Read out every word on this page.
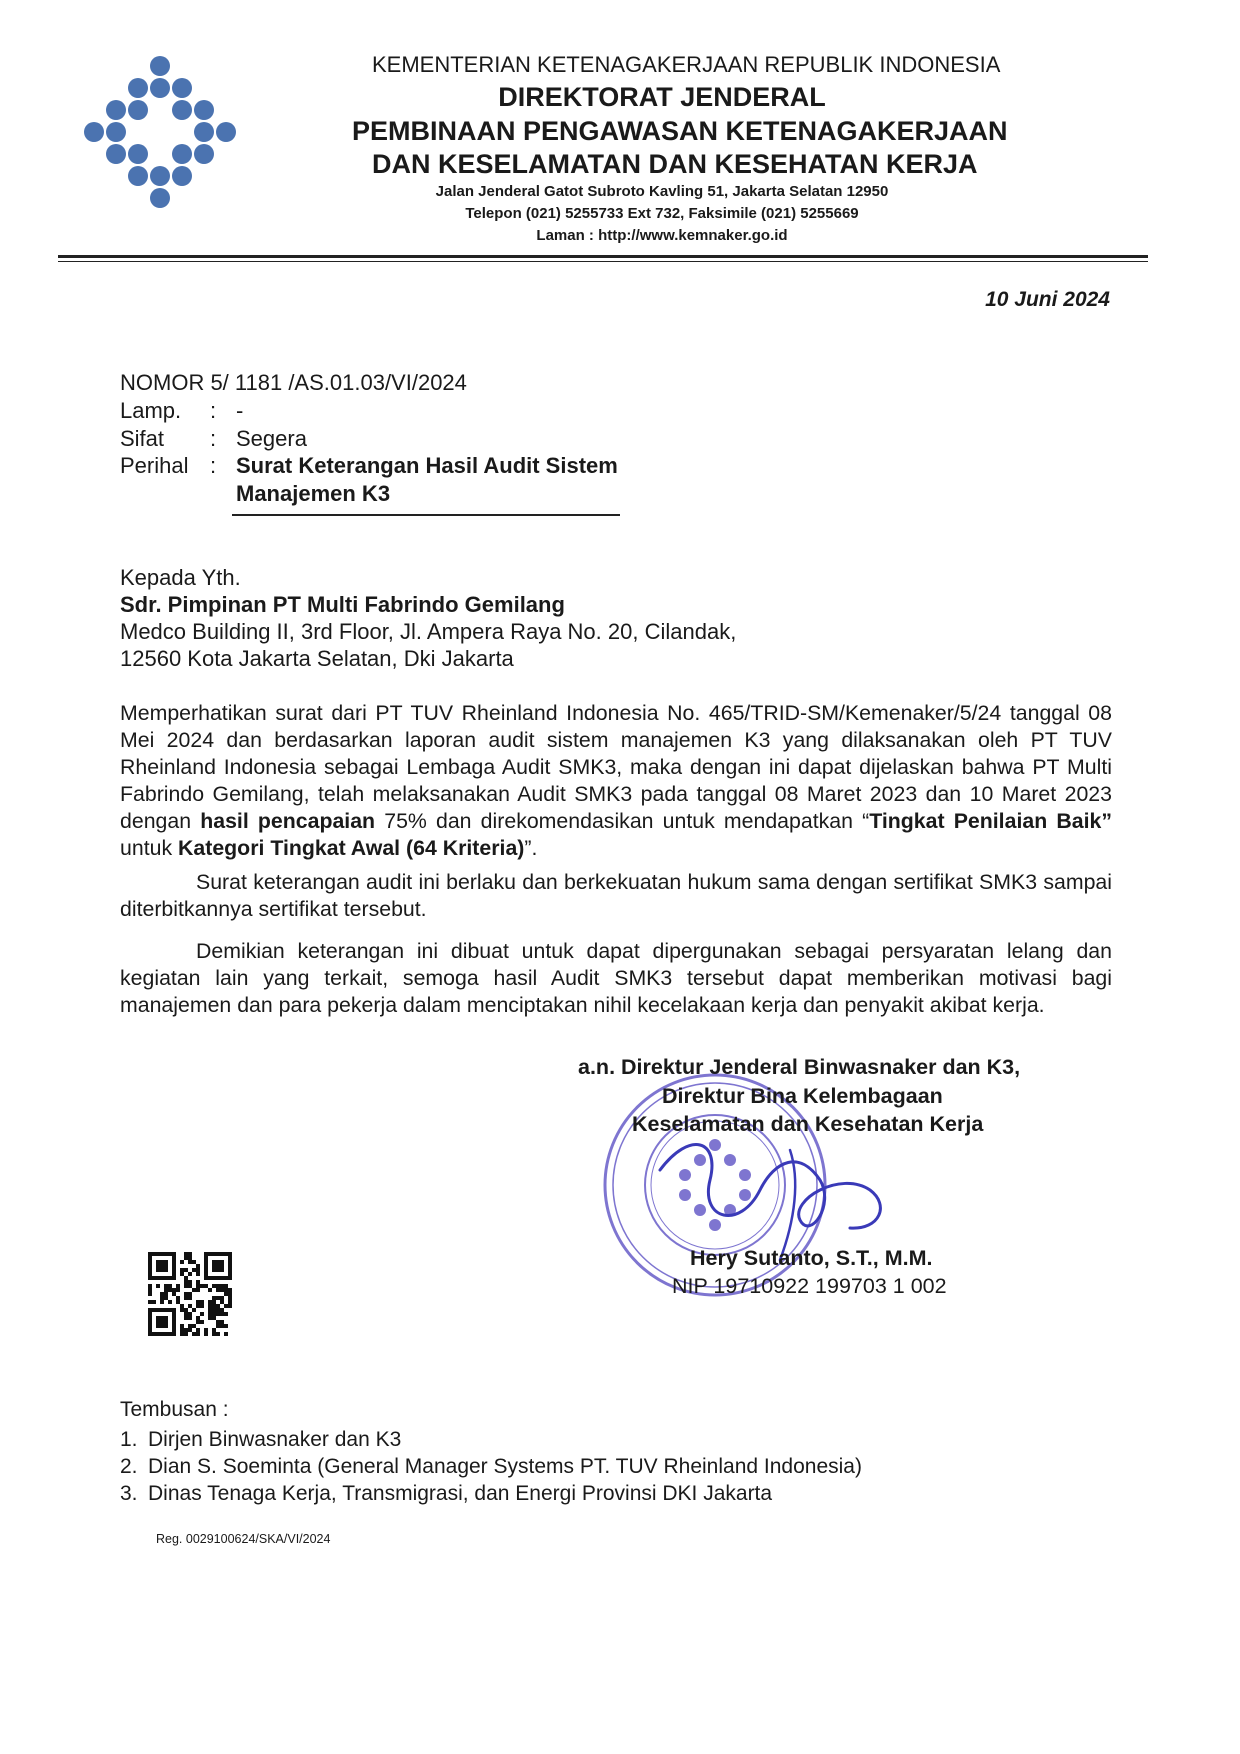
KEMENTERIAN KETENAGAKERJAAN REPUBLIK INDONESIA
DIREKTORAT JENDERAL
PEMBINAAN PENGAWASAN KETENAGAKERJAAN
DAN KESELAMATAN DAN KESEHATAN KERJA
Jalan Jenderal Gatot Subroto Kavling 51, Jakarta Selatan 12950
Telepon (021) 5255733 Ext 732, Faksimile (021) 5255669
Laman : http://www.kemnaker.go.id
10 Juni 2024
NOMOR 5/ 1181 /AS.01.03/VI/2024
Lamp. : -
Sifat : Segera
Perihal : Surat Keterangan Hasil Audit Sistem
Manajemen K3
Kepada Yth.
Sdr. Pimpinan PT Multi Fabrindo Gemilang
Medco Building II, 3rd Floor, Jl. Ampera Raya No. 20, Cilandak,
12560 Kota Jakarta Selatan, Dki Jakarta
Memperhatikan surat dari PT TUV Rheinland Indonesia No. 465/TRID-SM/Kemenaker/5/24 tanggal 08 Mei 2024 dan berdasarkan laporan audit sistem manajemen K3 yang dilaksanakan oleh PT TUV Rheinland Indonesia sebagai Lembaga Audit SMK3, maka dengan ini dapat dijelaskan bahwa PT Multi Fabrindo Gemilang, telah melaksanakan Audit SMK3 pada tanggal 08 Maret 2023 dan 10 Maret 2023 dengan hasil pencapaian 75% dan direkomendasikan untuk mendapatkan “Tingkat Penilaian Baik” untuk Kategori Tingkat Awal (64 Kriteria)”.
Surat keterangan audit ini berlaku dan berkekuatan hukum sama dengan sertifikat SMK3 sampai diterbitkannya sertifikat tersebut.
Demikian keterangan ini dibuat untuk dapat dipergunakan sebagai persyaratan lelang dan kegiatan lain yang terkait, semoga hasil Audit SMK3 tersebut dapat memberikan motivasi bagi manajemen dan para pekerja dalam menciptakan nihil kecelakaan kerja dan penyakit akibat kerja.
a.n. Direktur Jenderal Binwasnaker dan K3,
Direktur Bina Kelembagaan
Keselamatan dan Kesehatan Kerja
Hery Sutanto, S.T., M.M.
NIP 19710922 199703 1 002
Tembusan :
1. Dirjen Binwasnaker dan K3
2. Dian S. Soeminta (General Manager Systems PT. TUV Rheinland Indonesia)
3. Dinas Tenaga Kerja, Transmigrasi, dan Energi Provinsi DKI Jakarta
Reg. 0029100624/SKA/VI/2024
